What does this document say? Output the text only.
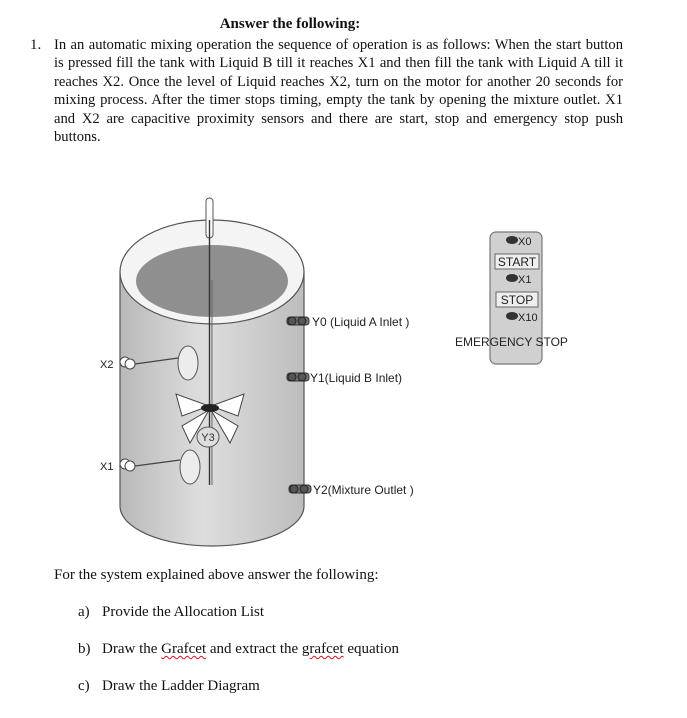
Answer the following:
1. In an automatic mixing operation the sequence of operation is as follows: When the start button is pressed fill the tank with Liquid B till it reaches X1 and then fill the tank with Liquid A till it reaches X2. Once the level of Liquid reaches X2, turn on the motor for another 20 seconds for mixing process. After the timer stops timing, empty the tank by opening the mixture outlet. X1 and X2 are capacitive proximity sensors and there are start, stop and emergency stop push buttons.
Y3
X2
X1
Y0 (Liquid A Inlet )
Y1(Liquid B Inlet)
Y2(Mixture Outlet )
X0
START
X1
STOP
X10
EMERGENCY STOP
For the system explained above answer the following:
a) Provide the Allocation List
b) Draw the Grafcet and extract the grafcet equation
c) Draw the Ladder Diagram
